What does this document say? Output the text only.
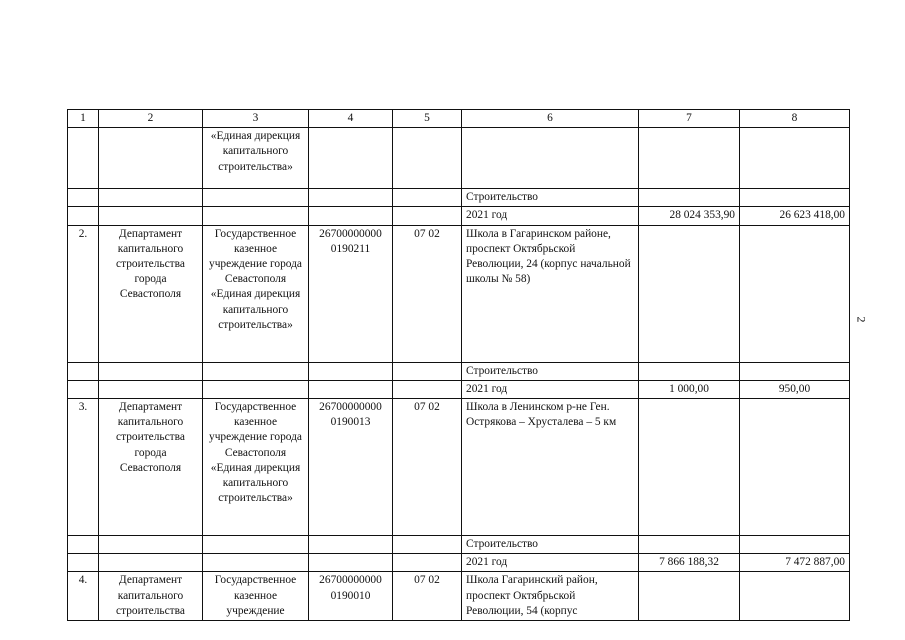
1	2	3	4	5	6	7	8
		«Единая дирекция капитального строительства»					
					Строительство		
					2021 год	28 024 353,90	26 623 418,00
2.	Департамент капитального строительства города Севастополя	Государственное казенное учреждение города Севастополя «Единая дирекция капитального строительства»	26700000000 0190211	07 02	Школа в Гагаринском районе, проспект Октябрьской Революции, 24 (корпус начальной школы № 58)		
					Строительство		
					2021 год	1 000,00	950,00
3.	Департамент капитального строительства города Севастополя	Государственное казенное учреждение города Севастополя «Единая дирекция капитального строительства»	26700000000 0190013	07 02	Школа в Ленинском р-не Ген. Острякова – Хрусталева – 5 км		
					Строительство		
					2021 год	7 866 188,32	7 472 887,00
4.	Департамент капитального строительства	Государственное казенное учреждение	26700000000 0190010	07 02	Школа Гагаринский район, проспект Октябрьской Революции, 54 (корпус		
2
